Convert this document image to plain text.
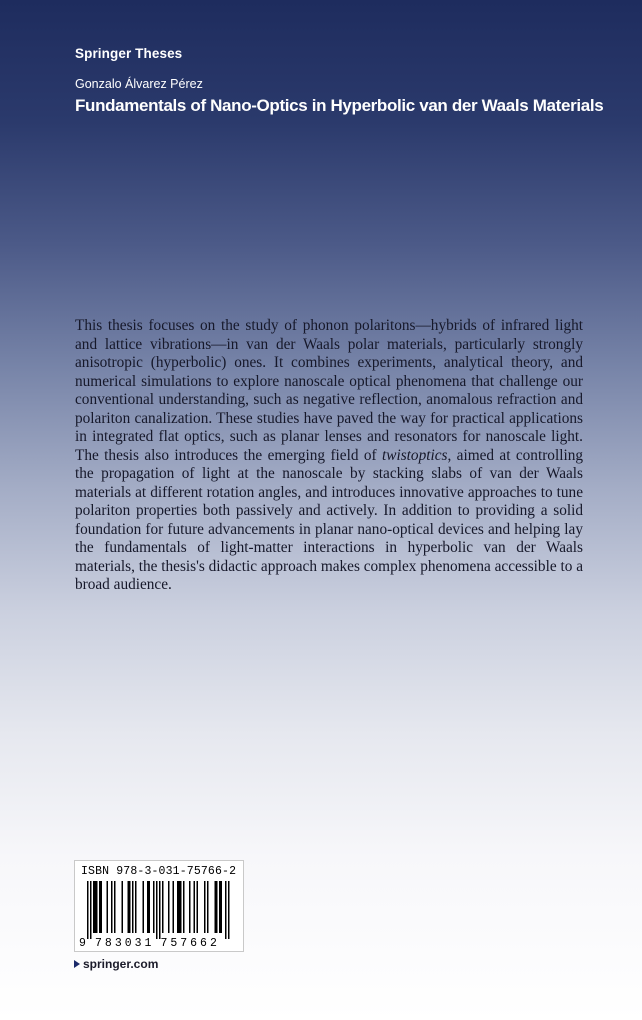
Springer Theses
Gonzalo Álvarez Pérez
Fundamentals of Nano-Optics in Hyperbolic van der Waals Materials
This thesis focuses on the study of phonon polaritons—hybrids of infrared light and lattice vibrations—in van der Waals polar materials, particularly strongly anisotropic (hyperbolic) ones. It combines experiments, analytical theory, and numerical simulations to explore nanoscale optical phenomena that challenge our conventional understanding, such as negative reflection, anomalous refraction and polariton canalization. These studies have paved the way for practical applications in integrated flat optics, such as planar lenses and resonators for nanoscale light. The thesis also introduces the emerging field of twistoptics, aimed at controlling the propagation of light at the nanoscale by stacking slabs of van der Waals materials at different rotation angles, and introduces innovative approaches to tune polariton properties both passively and actively. In addition to providing a solid foundation for future advancements in planar nano-optical devices and helping lay the fundamentals of light-matter interactions in hyperbolic van der Waals materials, the thesis's didactic approach makes complex phenomena accessible to a broad audience.
ISBN 978-3-031-75766-2
9 783031 757662
springer.com
